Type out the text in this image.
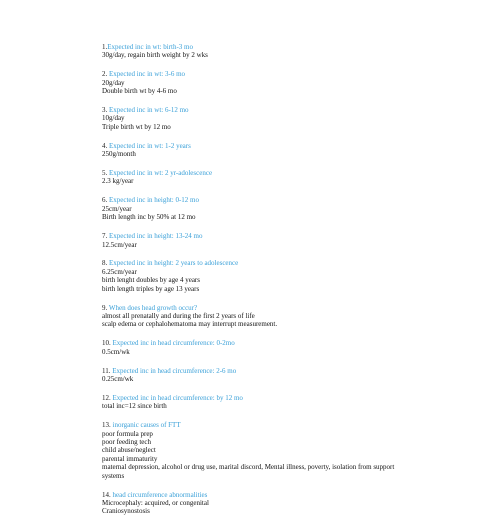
1.Expected inc in wt: birth-3 mo
30g/day, regain birth weight by 2 wks
2. Expected inc in wt: 3-6 mo
20g/day
Double birth wt by 4-6 mo
3. Expected inc in wt: 6-12 mo
10g/day
Triple birth wt by 12 mo
4. Expected inc in wt: 1-2 years
250g/month
5. Expected inc in wt: 2 yr-adolescence
2.3 kg/year
6. Expected inc in height: 0-12 mo
25cm/year
Birth length inc by 50% at 12 mo
7. Expected inc in height: 13-24 mo
12.5cm/year
8. Expected inc in height: 2 years to adolescence
6.25cm/year
birth lenght doubles by age 4 years
birth length triples by age 13 years
9. When does head growth occur?
almost all prenatally and during the first 2 years of life
scalp edema or cephalohematoma may interrupt measurement.
10. Expected inc in head circumference: 0-2mo
0.5cm/wk
11. Expected inc in head circumference: 2-6 mo
0.25cm/wk
12. Expected inc in head circumference: by 12 mo
total inc=12 since birth
13. inorganic causes of FTT
poor formula prep
poor feeding tech
child abuse/neglect
parental immaturity
maternal depression, alcohol or drug use, marital discord, Mental illness, poverty, isolation from support
systems
14. head circumference abnormalities
Microcephaly: acquired, or congenital
Craniosynostosis
